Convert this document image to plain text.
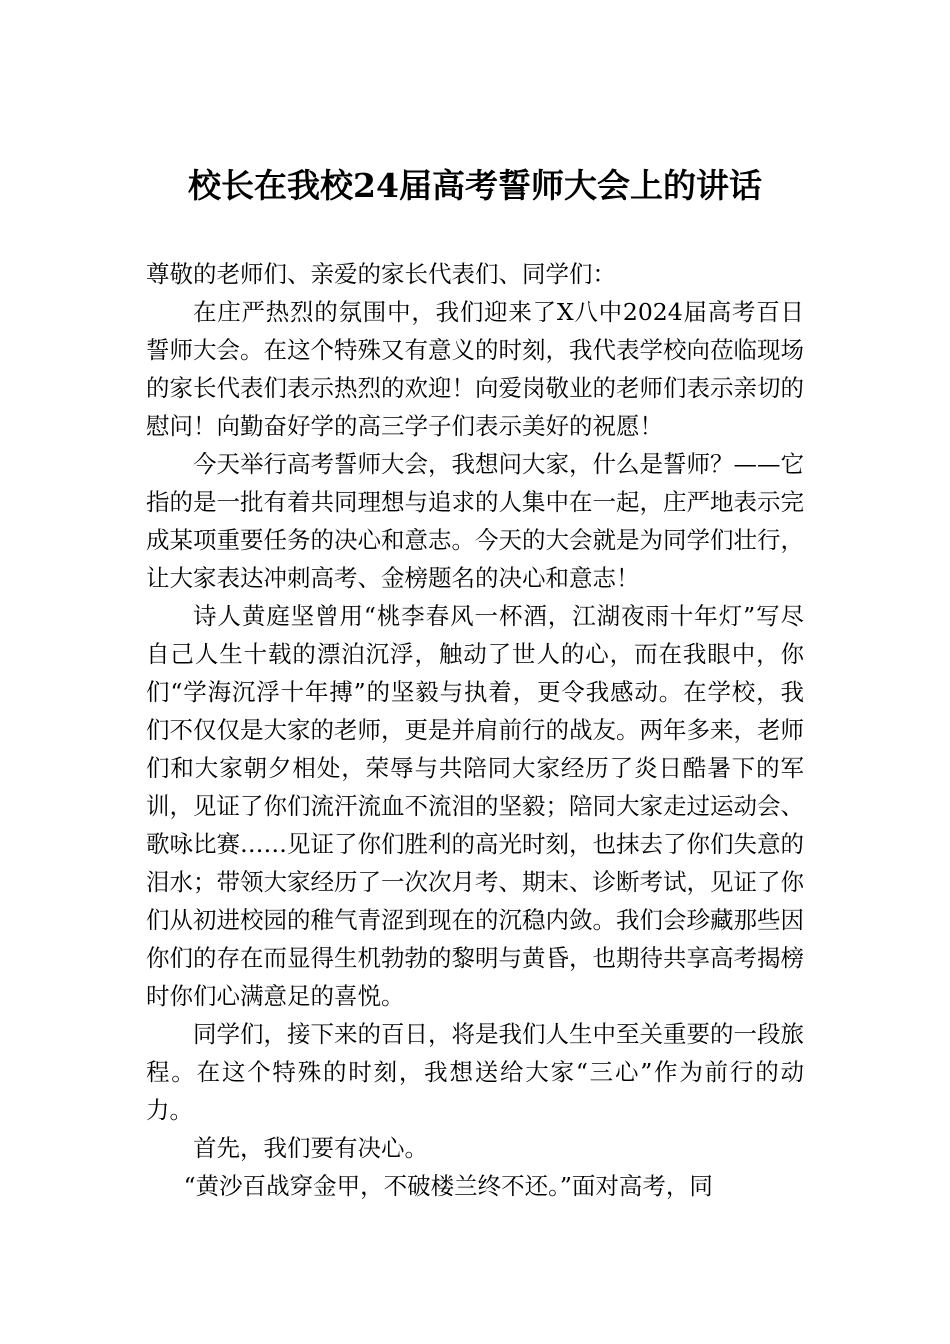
校长在我校24届高考誓师大会上的讲话

尊敬的老师们、亲爱的家长代表们、同学们：

在庄严热烈的氛围中，我们迎来了X八中2024届高考百日誓师大会。在这个特殊又有意义的时刻，我代表学校向莅临现场的家长代表们表示热烈的欢迎！向爱岗敬业的老师们表示亲切的慰问！向勤奋好学的高三学子们表示美好的祝愿！

今天举行高考誓师大会，我想问大家，什么是誓师？——它指的是一批有着共同理想与追求的人集中在一起，庄严地表示完成某项重要任务的决心和意志。今天的大会就是为同学们壮行，让大家表达冲刺高考、金榜题名的决心和意志！

诗人黄庭坚曾用“桃李春风一杯酒，江湖夜雨十年灯”写尽自己人生十载的漂泊沉浮，触动了世人的心，而在我眼中，你们“学海沉浮十年搏”的坚毅与执着，更令我感动。在学校，我们不仅仅是大家的老师，更是并肩前行的战友。两年多来，老师们和大家朝夕相处，荣辱与共陪同大家经历了炎日酷暑下的军训，见证了你们流汗流血不流泪的坚毅；陪同大家走过运动会、歌咏比赛……见证了你们胜利的高光时刻，也抹去了你们失意的泪水；带领大家经历了一次次月考、期末、诊断考试，见证了你们从初进校园的稚气青涩到现在的沉稳内敛。我们会珍藏那些因你们的存在而显得生机勃勃的黎明与黄昏，也期待共享高考揭榜时你们心满意足的喜悦。

同学们，接下来的百日，将是我们人生中至关重要的一段旅程。在这个特殊的时刻，我想送给大家“三心”作为前行的动力。

首先，我们要有决心。

“黄沙百战穿金甲，不破楼兰终不还。”面对高考，同
